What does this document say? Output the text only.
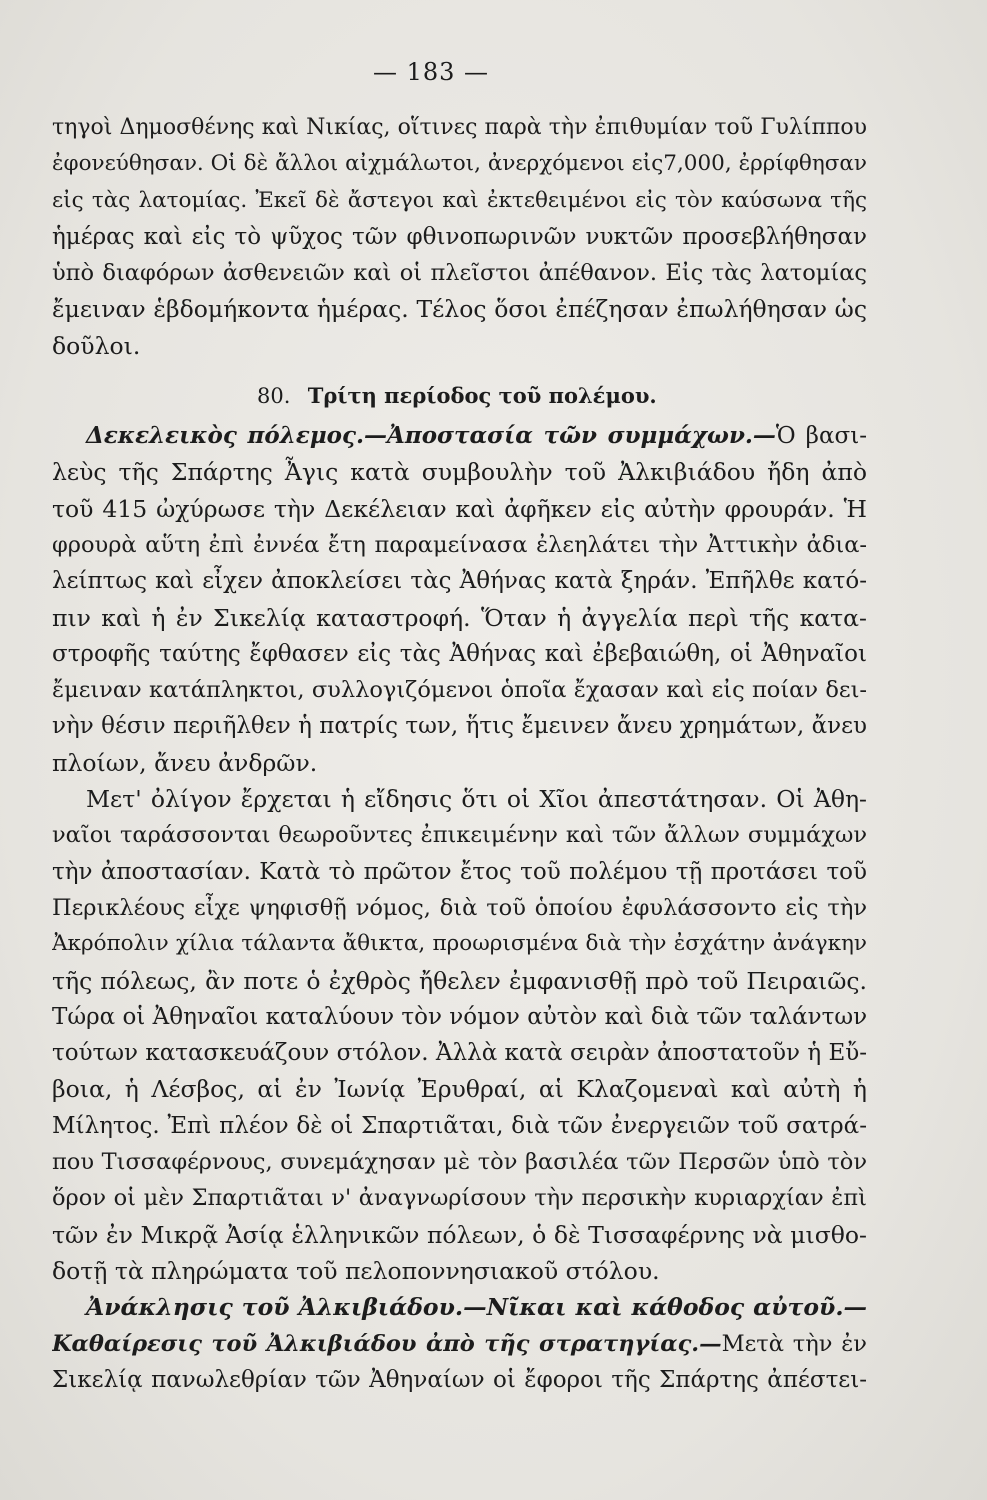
— 183 —
τηγοὶ Δημοσθένης καὶ Νικίας, οἵτινες παρὰ τὴν ἐπιθυμίαν τοῦ Γυλίππου
ἐφονεύθησαν. Οἱ δὲ ἄλλοι αἰχμάλωτοι, ἀνερχόμενοι εἰς7,000, ἐρρίφθησαν
εἰς τὰς λατομίας. Ἐκεῖ δὲ ἄστεγοι καὶ ἐκτεθειμένοι εἰς τὸν καύσωνα τῆς
ἡμέρας καὶ εἰς τὸ ψῦχος τῶν φθινοπωρινῶν νυκτῶν προσεβλήθησαν
ὑπὸ διαφόρων ἀσθενειῶν καὶ οἱ πλεῖστοι ἀπέθανον. Εἰς τὰς λατομίας
ἔμειναν ἑβδομήκοντα ἡμέρας. Τέλος ὅσοι ἐπέζησαν ἐπωλήθησαν ὡς
δοῦλοι.
80. Τρίτη περίοδος τοῦ πολέμου.
Δεκελεικὸς πόλεμος.—Ἀποστασία τῶν συμμάχων.—Ὁ βασι-
λεὺς τῆς Σπάρτης Ἆγις κατὰ συμβουλὴν τοῦ Ἀλκιβιάδου ἤδη ἀπὸ
τοῦ 415 ὠχύρωσε τὴν Δεκέλειαν καὶ ἀφῆκεν εἰς αὐτὴν φρουράν. Ἡ
φρουρὰ αὕτη ἐπὶ ἐννέα ἔτη παραμείνασα ἐλεηλάτει τὴν Ἀττικὴν ἀδια-
λείπτως καὶ εἶχεν ἀποκλείσει τὰς Ἀθήνας κατὰ ξηράν. Ἐπῆλθε κατό-
πιν καὶ ἡ ἐν Σικελίᾳ καταστροφή. Ὅταν ἡ ἀγγελία περὶ τῆς κατα-
στροφῆς ταύτης ἔφθασεν εἰς τὰς Ἀθήνας καὶ ἐβεβαιώθη, οἱ Ἀθηναῖοι
ἔμειναν κατάπληκτοι, συλλογιζόμενοι ὁποῖα ἔχασαν καὶ εἰς ποίαν δει-
νὴν θέσιν περιῆλθεν ἡ πατρίς των, ἥτις ἔμεινεν ἄνευ χρημάτων, ἄνευ
πλοίων, ἄνευ ἀνδρῶν.
Μετ' ὀλίγον ἔρχεται ἡ εἴδησις ὅτι οἱ Χῖοι ἀπεστάτησαν. Οἱ Ἀθη-
ναῖοι ταράσσονται θεωροῦντες ἐπικειμένην καὶ τῶν ἄλλων συμμάχων
τὴν ἀποστασίαν. Κατὰ τὸ πρῶτον ἔτος τοῦ πολέμου τῇ προτάσει τοῦ
Περικλέους εἶχε ψηφισθῇ νόμος, διὰ τοῦ ὁποίου ἐφυλάσσοντο εἰς τὴν
Ἀκρόπολιν χίλια τάλαντα ἄθικτα, προωρισμένα διὰ τὴν ἐσχάτην ἀνάγκην
τῆς πόλεως, ἂν ποτε ὁ ἐχθρὸς ἤθελεν ἐμφανισθῇ πρὸ τοῦ Πειραιῶς.
Τώρα οἱ Ἀθηναῖοι καταλύουν τὸν νόμον αὐτὸν καὶ διὰ τῶν ταλάντων
τούτων κατασκευάζουν στόλον. Ἀλλὰ κατὰ σειρὰν ἀποστατοῦν ἡ Εὔ-
βοια, ἡ Λέσβος, αἱ ἐν Ἰωνίᾳ Ἐρυθραί, αἱ Κλαζομεναὶ καὶ αὐτὴ ἡ
Μίλητος. Ἐπὶ πλέον δὲ οἱ Σπαρτιᾶται, διὰ τῶν ἐνεργειῶν τοῦ σατρά-
που Τισσαφέρνους, συνεμάχησαν μὲ τὸν βασιλέα τῶν Περσῶν ὑπὸ τὸν
ὅρον οἱ μὲν Σπαρτιᾶται ν' ἀναγνωρίσουν τὴν περσικὴν κυριαρχίαν ἐπὶ
τῶν ἐν Μικρᾷ Ἀσίᾳ ἑλληνικῶν πόλεων, ὁ δὲ Τισσαφέρνης νὰ μισθο-
δοτῇ τὰ πληρώματα τοῦ πελοποννησιακοῦ στόλου.
Ἀνάκλησις τοῦ Ἀλκιβιάδου.—Νῖκαι καὶ κάθοδος αὐτοῦ.—
Καθαίρεσις τοῦ Ἀλκιβιάδου ἀπὸ τῆς στρατηγίας.—Μετὰ τὴν ἐν
Σικελίᾳ πανωλεθρίαν τῶν Ἀθηναίων οἱ ἔφοροι τῆς Σπάρτης ἀπέστει-
